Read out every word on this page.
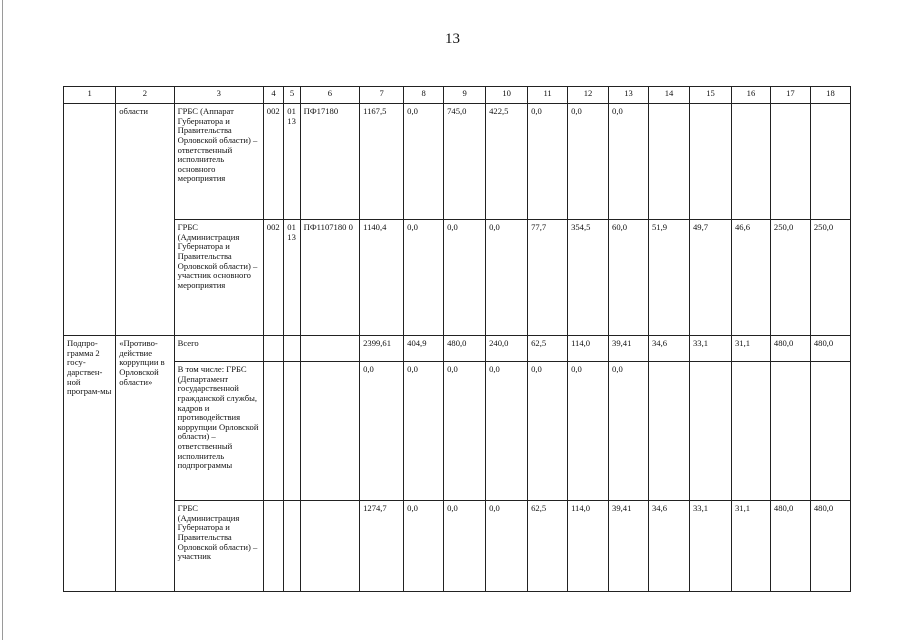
13
1	2	3	4	5	6	7	8	9	10	11	12	13	14	15	16	17	18
	области	ГРБС (Аппарат Губернатора и Правительства Орловской области) – ответственный исполнитель основного мероприятия	002	01 13	ПФ17180	1167,5	0,0	745,0	422,5	0,0	0,0	0,0					
		ГРБС (Администрация Губернатора и Правительства Орловской области) – участник основного мероприятия	002	01 13	ПФ1107180 0	1140,4	0,0	0,0	0,0	77,7	354,5	60,0	51,9	49,7	46,6	250,0	250,0
Подпро-грамма 2 госу-дарствен-ной програм-мы	«Противо-действие коррупции в Орловской области»	Всего				2399,61	404,9	480,0	240,0	62,5	114,0	39,41	34,6	33,1	31,1	480,0	480,0
		В том числе: ГРБС (Департамент государственной гражданской службы, кадров и противодействия коррупции Орловской области) – ответственный исполнитель подпрограммы				0,0	0,0	0,0	0,0	0,0	0,0	0,0					
		ГРБС (Администрация Губернатора и Правительства Орловской области) – участник				1274,7	0,0	0,0	0,0	62,5	114,0	39,41	34,6	33,1	31,1	480,0	480,0
